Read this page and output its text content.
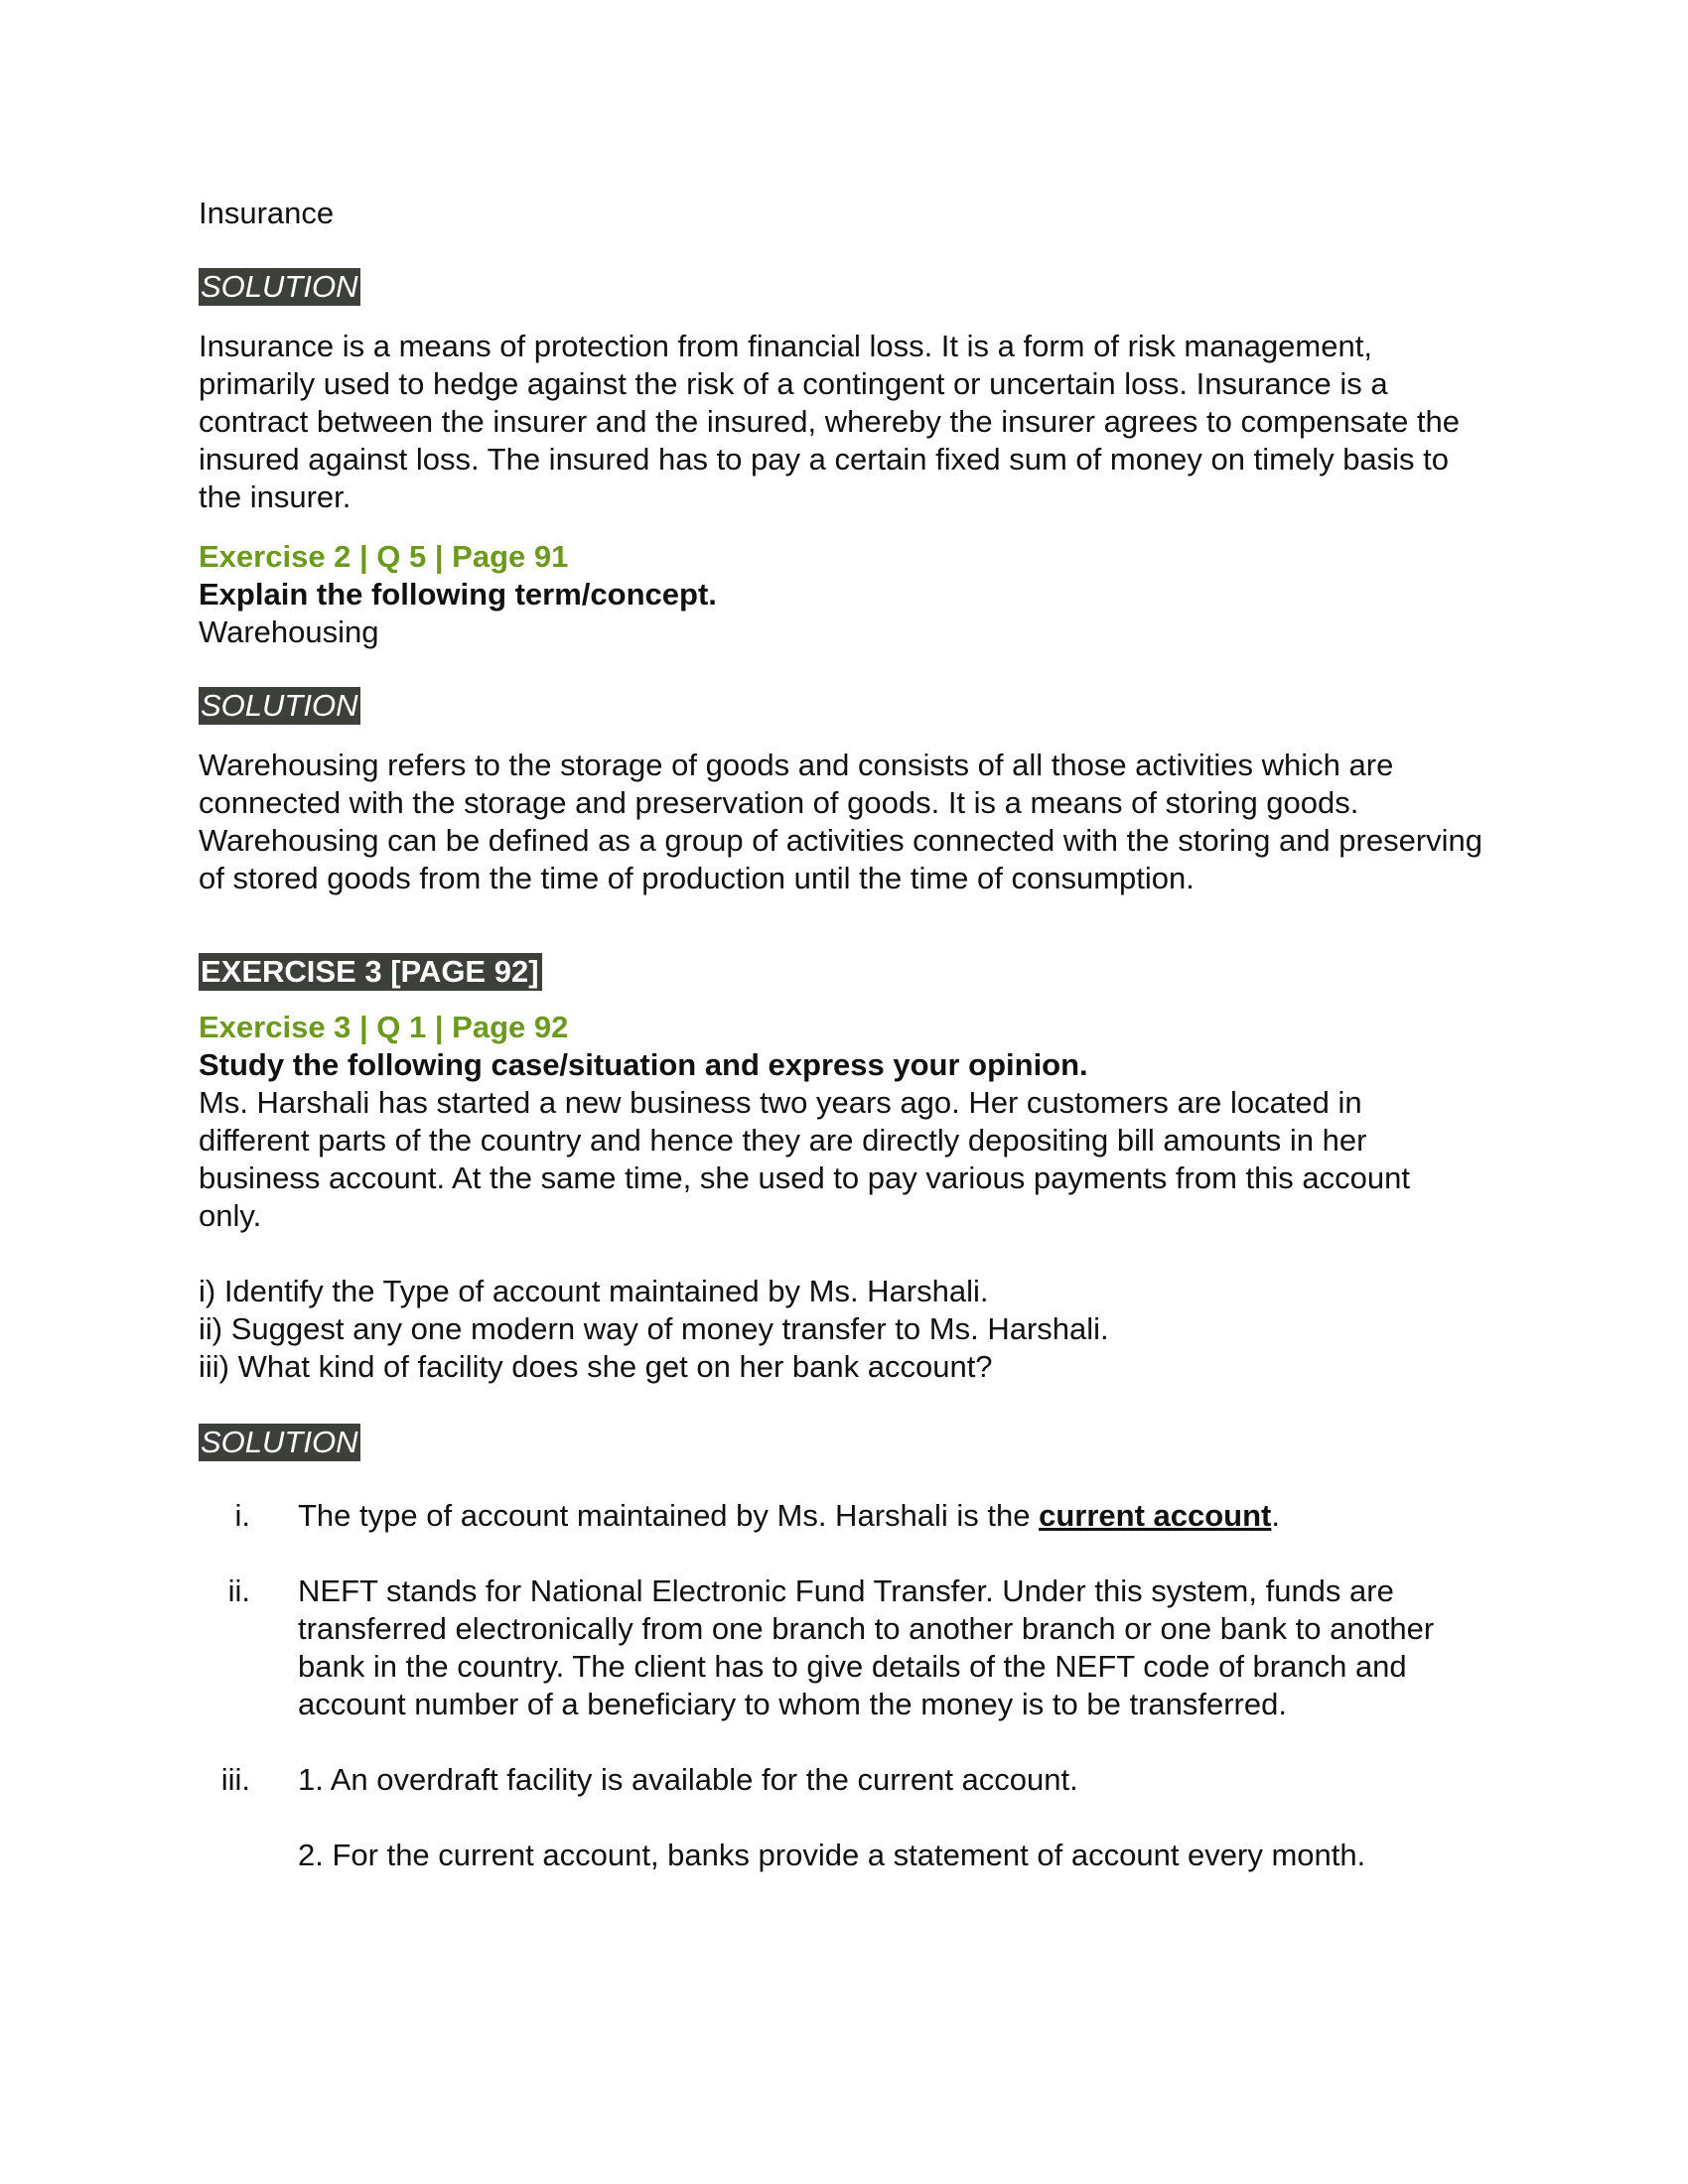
Insurance

SOLUTION

Insurance is a means of protection from financial loss. It is a form of risk management, primarily used to hedge against the risk of a contingent or uncertain loss. Insurance is a contract between the insurer and the insured, whereby the insurer agrees to compensate the insured against loss. The insured has to pay a certain fixed sum of money on timely basis to the insurer.

Exercise 2 | Q 5 | Page 91

Explain the following term/concept.

Warehousing

SOLUTION

Warehousing refers to the storage of goods and consists of all those activities which are connected with the storage and preservation of goods. It is a means of storing goods. Warehousing can be defined as a group of activities connected with the storing and preserving of stored goods from the time of production until the time of consumption.

EXERCISE 3 [PAGE 92]

Exercise 3 | Q 1 | Page 92

Study the following case/situation and express your opinion.

Ms. Harshali has started a new business two years ago. Her customers are located in different parts of the country and hence they are directly depositing bill amounts in her business account. At the same time, she used to pay various payments from this account only.

i) Identify the Type of account maintained by Ms. Harshali.

ii) Suggest any one modern way of money transfer to Ms. Harshali.

iii) What kind of facility does she get on her bank account?

SOLUTION
i.	The type of account maintained by Ms. Harshali is the current account.
ii.	NEFT stands for National Electronic Fund Transfer. Under this system, funds are transferred electronically from one branch to another branch or one bank to another bank in the country. The client has to give details of the NEFT code of branch and account number of a beneficiary to whom the money is to be transferred.
iii.	1. An overdraft facility is available for the current account.
2. For the current account, banks provide a statement of account every month.
